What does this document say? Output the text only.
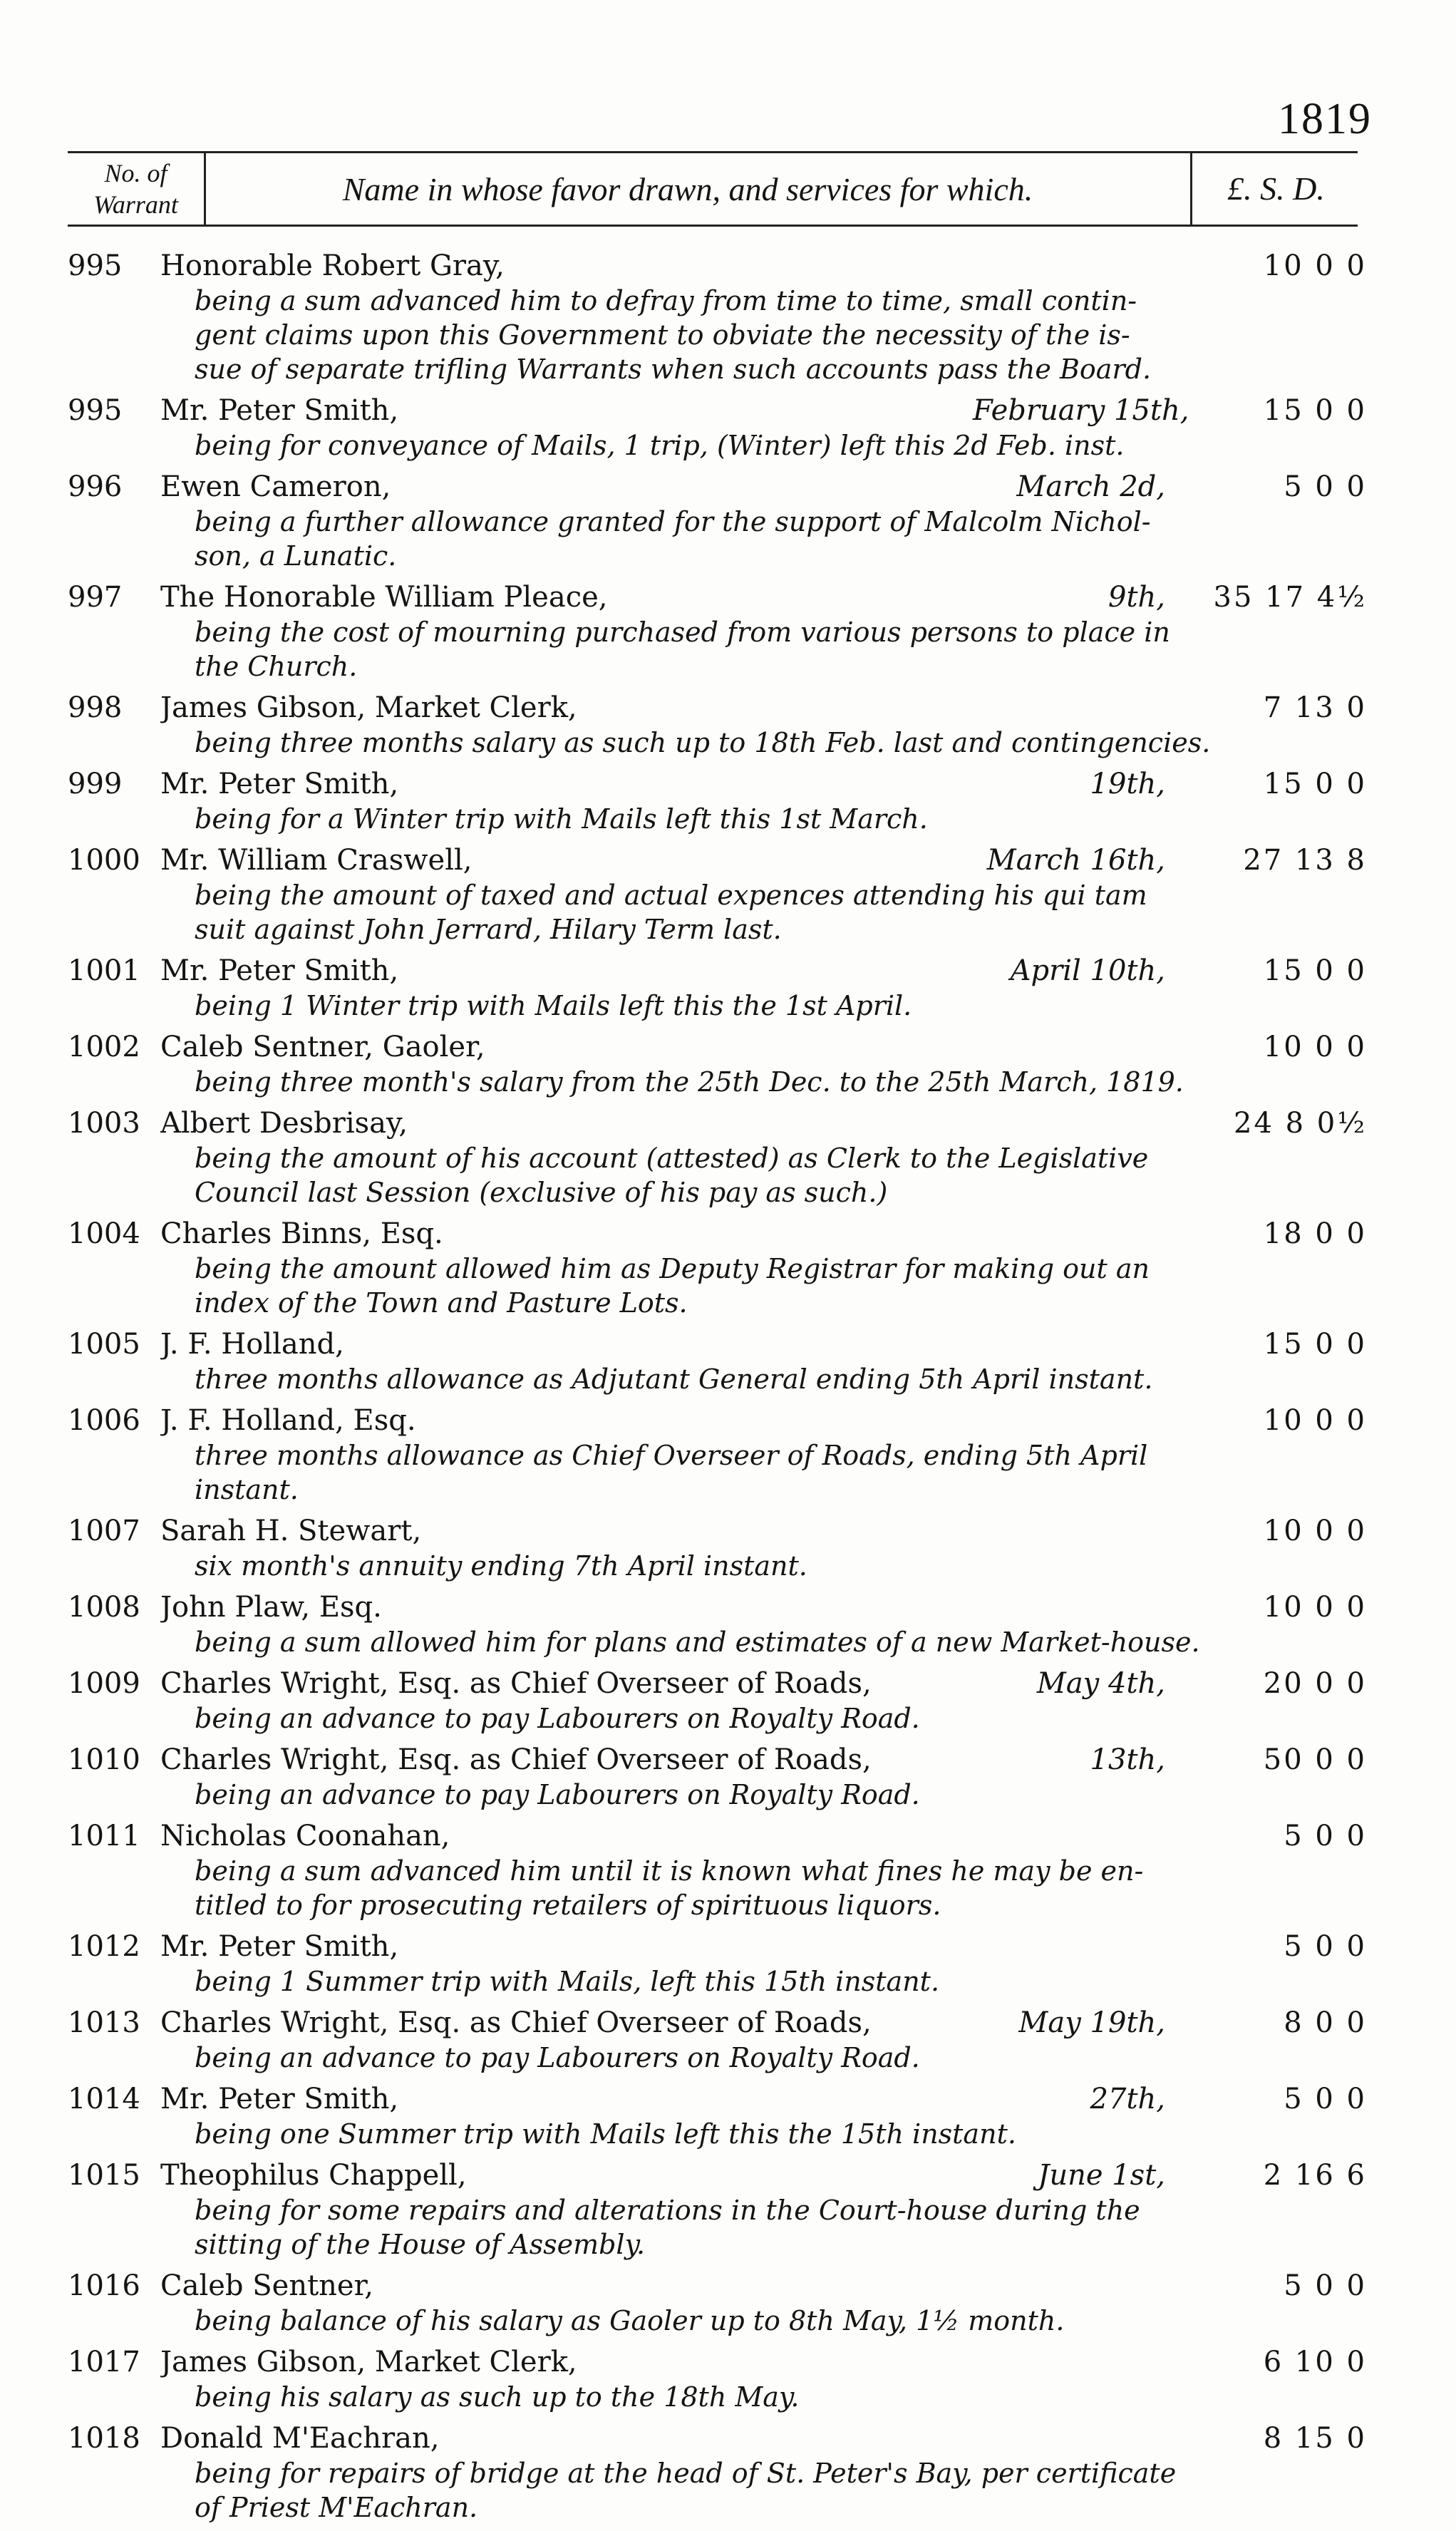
1819
No. of
Warrant	Name in whose favor drawn, and services for which.	£. S. D.
995	Honorable Robert Gray,	10 0 0
being a sum advanced him to defray from time to time, small contin-
gent claims upon this Government to obviate the necessity of the is-
sue of separate trifling Warrants when such accounts pass the Board.
995	Mr. Peter Smith,	February 15th,	15 0 0
being for conveyance of Mails, 1 trip, (Winter) left this 2d Feb. inst.
996	Ewen Cameron,	March 2d,	5 0 0
being a further allowance granted for the support of Malcolm Nichol-
son, a Lunatic.
997	The Honorable William Pleace,	9th,	35 17 4½
being the cost of mourning purchased from various persons to place in
the Church.
998	James Gibson, Market Clerk,	7 13 0
being three months salary as such up to 18th Feb. last and contingencies.
999	Mr. Peter Smith,	19th,	15 0 0
being for a Winter trip with Mails left this 1st March.
1000 Mr. William Craswell,	March 16th,	27 13 8
being the amount of taxed and actual expences attending his qui tam
suit against John Jerrard, Hilary Term last.
1001 Mr. Peter Smith,	April 10th,	15 0 0
being 1 Winter trip with Mails left this the 1st April.
1002 Caleb Sentner, Gaoler,	10 0 0
being three month's salary from the 25th Dec. to the 25th March, 1819.
1003 Albert Desbrisay,	24 8 0½
being the amount of his account (attested) as Clerk to the Legislative
Council last Session (exclusive of his pay as such.)
1004 Charles Binns, Esq.	18 0 0
being the amount allowed him as Deputy Registrar for making out an
index of the Town and Pasture Lots.
1005 J. F. Holland,	15 0 0
three months allowance as Adjutant General ending 5th April instant.
1006 J. F. Holland, Esq.	10 0 0
three months allowance as Chief Overseer of Roads, ending 5th April
instant.
1007 Sarah H. Stewart,	10 0 0
six month's annuity ending 7th April instant.
1008 John Plaw, Esq.	10 0 0
being a sum allowed him for plans and estimates of a new Market-house.
1009 Charles Wright, Esq. as Chief Overseer of Roads,	May 4th,	20 0 0
being an advance to pay Labourers on Royalty Road.
1010 Charles Wright, Esq. as Chief Overseer of Roads,	13th,	50 0 0
being an advance to pay Labourers on Royalty Road.
1011 Nicholas Coonahan,	5 0 0
being a sum advanced him until it is known what fines he may be en-
titled to for prosecuting retailers of spirituous liquors.
1012 Mr. Peter Smith,	5 0 0
being 1 Summer trip with Mails, left this 15th instant.
1013 Charles Wright, Esq. as Chief Overseer of Roads,	May 19th,	8 0 0
being an advance to pay Labourers on Royalty Road.
1014 Mr. Peter Smith,	27th,	5 0 0
being one Summer trip with Mails left this the 15th instant.
1015 Theophilus Chappell,	June 1st,	2 16 6
being for some repairs and alterations in the Court-house during the
sitting of the House of Assembly.
1016 Caleb Sentner,	5 0 0
being balance of his salary as Gaoler up to 8th May, 1½ month.
1017 James Gibson, Market Clerk,	6 10 0
being his salary as such up to the 18th May.
1018 Donald M'Eachran,	8 15 0
being for repairs of bridge at the head of St. Peter's Bay, per certificate
of Priest M'Eachran.
